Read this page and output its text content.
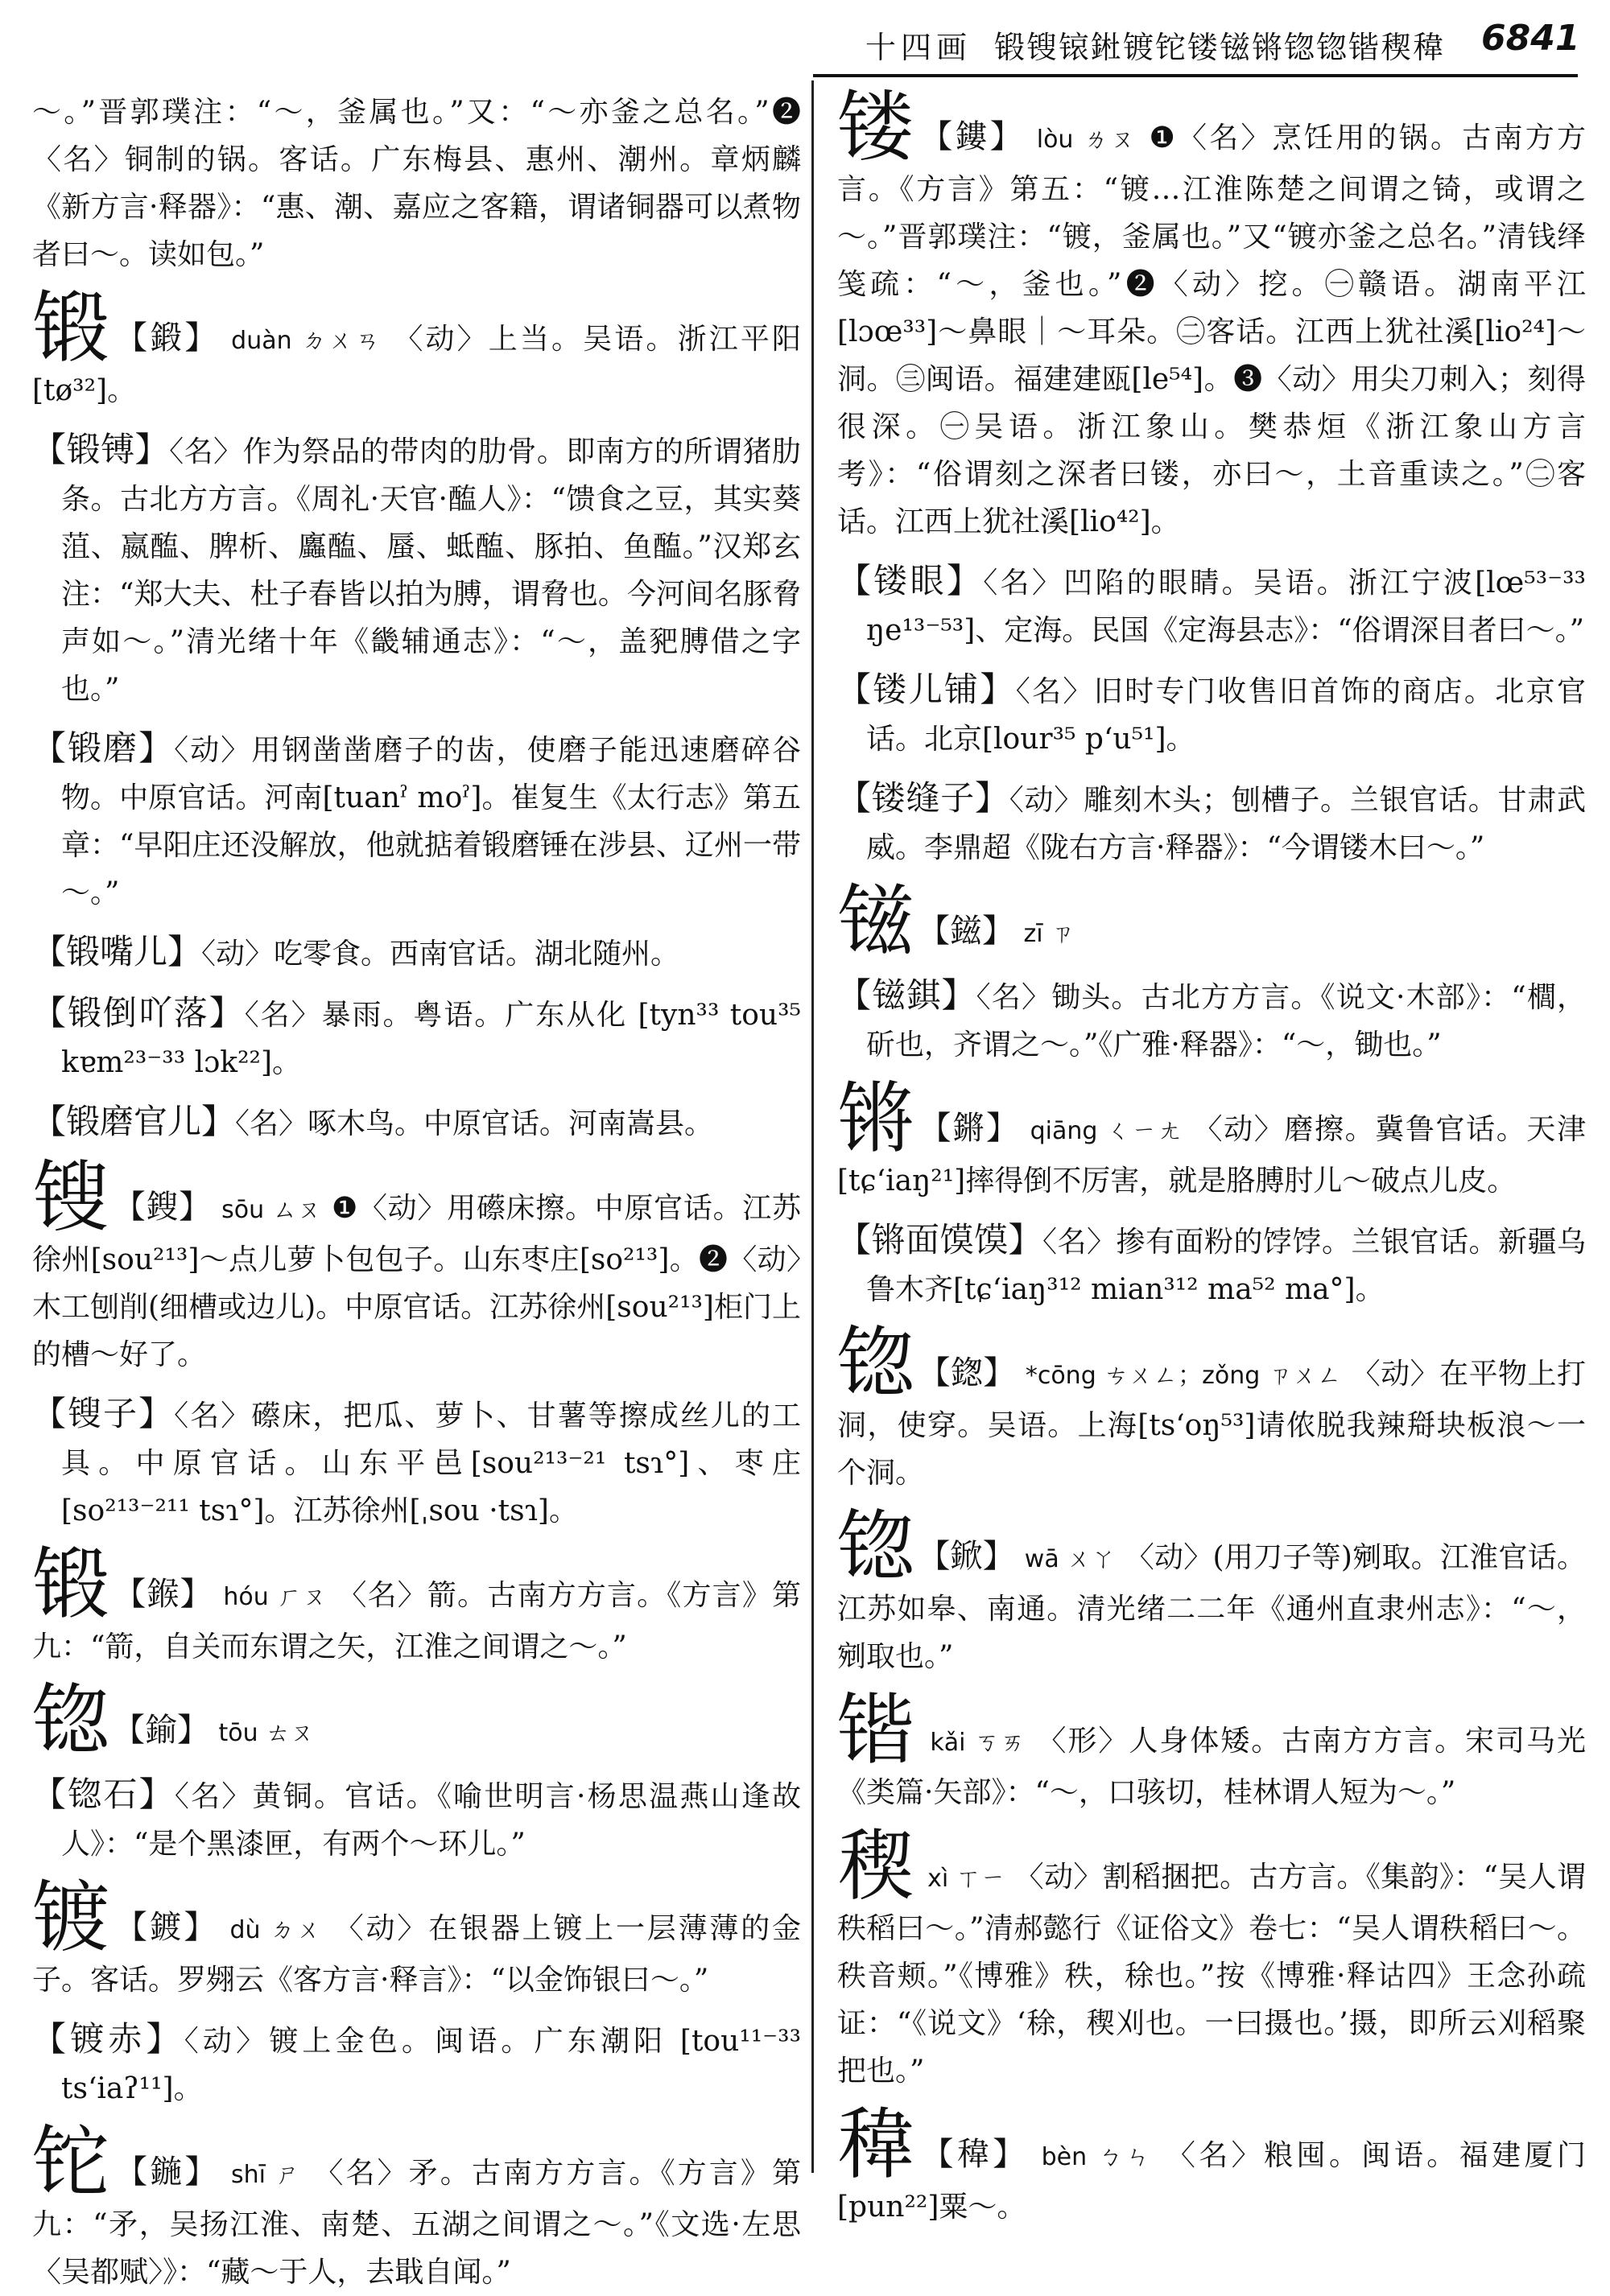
十四画 锻锼锿𨧀镀铊镂镃锵锪锪锴稧稦 6841
～。”晋郭璞注：“～，釜属也。”又：“～亦釜之总名。”❷〈名〉铜制的锅。客话。广东梅县、惠州、潮州。章炳麟《新方言·释器》：“惠、潮、嘉应之客籍，谓诸铜器可以煮物者曰～。读如包。”
锻 【鍛】 duàn ㄉㄨㄢ 〈动〉上当。吴语。浙江平阳[tø³²]。
【锻镈】〈名〉作为祭品的带肉的肋骨。即南方的所谓猪肋条。古北方方言。《周礼·天官·醢人》：“馈食之豆，其实葵菹、嬴醢、脾析、蠯醢、蜃、蚳醢、豚拍、鱼醢。”汉郑玄注：“郑大夫、杜子春皆以拍为膊，谓脅也。今河间名豚脅声如～。”清光绪十年《畿辅通志》：“～，盖豝膊借之字也。”
【锻磨】〈动〉用钢凿凿磨子的齿，使磨子能迅速磨碎谷物。中原官话。河南[tuanˀ moˀ]。崔复生《太行志》第五章：“早阳庄还没解放，他就掂着锻磨锤在涉县、辽州一带～。”
【锻嘴儿】〈动〉吃零食。西南官话。湖北随州。
【锻倒吖落】〈名〉暴雨。粤语。广东从化 [tyn³³ tou³⁵ kɐm²³⁻³³ lɔk²²]。
【锻磨官儿】〈名〉啄木鸟。中原官话。河南嵩县。
锼 【鎪】 sōu ㄙㄡ ❶〈动〉用礤床擦。中原官话。江苏徐州[sou²¹³]～点儿萝卜包包子。山东枣庄[so²¹³]。❷〈动〉木工刨削(细槽或边儿)。中原官话。江苏徐州[sou²¹³]柜门上的槽～好了。
【锼子】〈名〉礤床，把瓜、萝卜、甘薯等擦成丝儿的工具。中原官话。山东平邑[sou²¹³⁻²¹ tsɿ°]、枣庄[so²¹³⁻²¹¹ tsɿ°]。江苏徐州[ˌsou ·tsɿ]。
锻 【鍭】 hóu ㄏㄡ 〈名〉箭。古南方方言。《方言》第九：“箭，自关而东谓之矢，江淮之间谓之～。”
锪 【鍮】 tōu ㄊㄡ
【锪石】〈名〉黄铜。官话。《喻世明言·杨思温燕山逢故人》：“是个黑漆匣，有两个～环儿。”
镀 【鍍】 dù ㄉㄨ 〈动〉在银器上镀上一层薄薄的金子。客话。罗翙云《客方言·释言》：“以金饰银曰～。”
【镀赤】〈动〉镀上金色。闽语。广东潮阳 [tou¹¹⁻³³ ts‘iaʔ¹¹]。
铊 【鍦】 shī ㄕ 〈名〉矛。古南方方言。《方言》第九：“矛，吴扬江淮、南楚、五湖之间谓之～。”《文选·左思〈吴都赋〉》：“藏～于人，去戢自闻。”
镂 【鏤】 lòu ㄌㄡ ❶〈名〉烹饪用的锅。古南方方言。《方言》第五：“镀…江淮陈楚之间谓之锜，或谓之～。”晋郭璞注：“镀，釜属也。”又“镀亦釜之总名。”清钱绎笺疏：“～，釜也。”❷〈动〉挖。㊀赣语。湖南平江[lɔœ³³]～鼻眼｜～耳朵。㊁客话。江西上犹社溪[lio²⁴]～洞。㊂闽语。福建建瓯[le⁵⁴]。❸〈动〉用尖刀刺入；刻得很深。㊀吴语。浙江象山。樊恭烜《浙江象山方言考》：“俗谓刻之深者曰镂，亦曰～，土音重读之。”㊁客话。江西上犹社溪[lio⁴²]。
【镂眼】〈名〉凹陷的眼睛。吴语。浙江宁波[lœ⁵³⁻³³ ŋe¹³⁻⁵³]、定海。民国《定海县志》：“俗谓深目者曰～。”
【镂儿铺】〈名〉旧时专门收售旧首饰的商店。北京官话。北京[lour³⁵ p‘u⁵¹]。
【镂缝子】〈动〉雕刻木头；刨槽子。兰银官话。甘肃武威。李鼎超《陇右方言·释器》：“今谓镂木曰～。”
镃 【鎡】 zī ㄗ
【镃錤】〈名〉锄头。古北方方言。《说文·木部》：“櫚，斫也，齐谓之～。”《广雅·释器》：“～，锄也。”
锵 【鏘】 qiāng ㄑㄧㄤ 〈动〉磨擦。冀鲁官话。天津[tɕ‘iaŋ²¹]摔得倒不厉害，就是胳膊肘儿～破点儿皮。
【锵面馍馍】〈名〉掺有面粉的饽饽。兰银官话。新疆乌鲁木齐[tɕ‘iaŋ³¹² mian³¹² ma⁵² ma°]。
锪 【鍯】 *cōng ㄘㄨㄥ；zǒng ㄗㄨㄥ 〈动〉在平物上打洞，使穿。吴语。上海[ts‘oŋ⁵³]请侬脱我辣搿块板浪～一个洞。
锪 【鍁】 wā ㄨㄚ 〈动〉(用刀子等)剜取。江淮官话。江苏如皋、南通。清光绪二二年《通州直隶州志》：“～，剜取也。”
锴 kǎi ㄎㄞ 〈形〉人身体矮。古南方方言。宋司马光《类篇·矢部》：“～，口骇切，桂林谓人短为～。”
稧 xì ㄒㄧ 〈动〉割稻捆把。古方言。《集韵》：“吴人谓秩稻曰～。”清郝懿行《证俗文》卷七：“吴人谓秩稻曰～。秩音颊。”《博雅》秩，稌也。”按《博雅·释诂四》王念孙疏证：“《说文》‘稌，稧刈也。一曰摄也。’摄，即所云刈稻聚把也。”
稦 【稦】 bèn ㄅㄣ 〈名〉粮囤。闽语。福建厦门[pun²²]粟～。
